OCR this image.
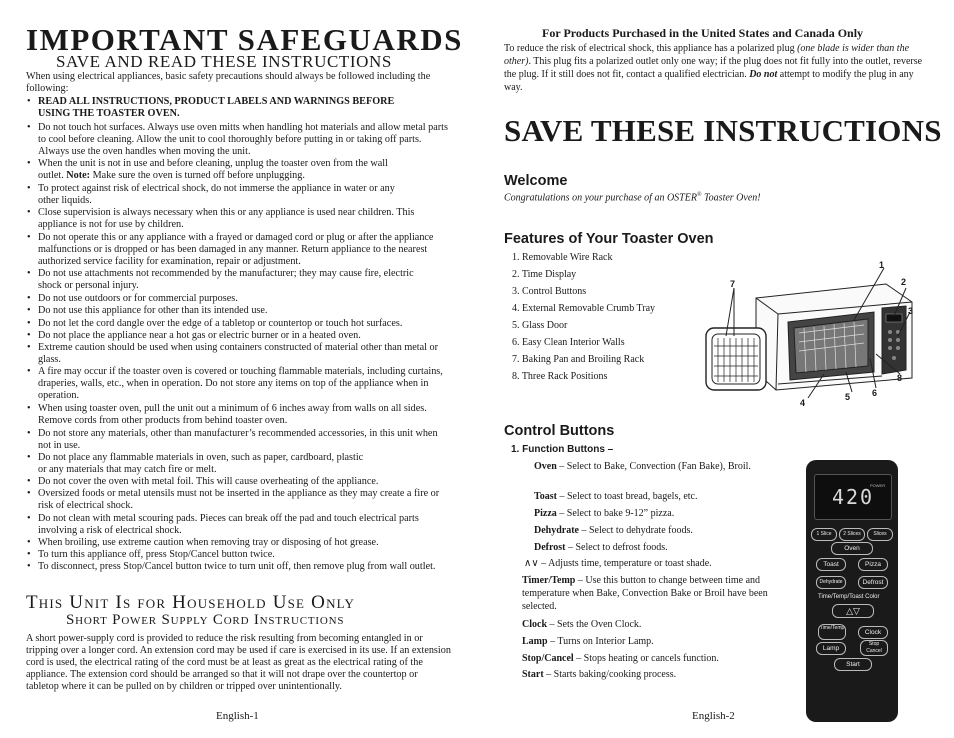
IMPORTANT SAFEGUARDS
SAVE AND READ THESE INSTRUCTIONS
When using electrical appliances, basic safety precautions should always be followed including the following:
• READ ALL INSTRUCTIONS, PRODUCT LABELS AND WARNINGS BEFORE USING THE TOASTER OVEN.
• Do not touch hot surfaces. Always use oven mitts when handling hot materials and allow metal parts to cool before cleaning. Allow the unit to cool thoroughly before putting in or taking off parts. Always use the oven handles when moving the unit.
• When the unit is not in use and before cleaning, unplug the toaster oven from the wall outlet. Note: Make sure the oven is turned off before unplugging.
• To protect against risk of electrical shock, do not immerse the appliance in water or any other liquids.
• Close supervision is always necessary when this or any appliance is used near children. This appliance is not for use by children.
• Do not operate this or any appliance with a frayed or damaged cord or plug or after the appliance malfunctions or is dropped or has been damaged in any manner. Return appliance to the nearest authorized service facility for examination, repair or adjustment.
• Do not use attachments not recommended by the manufacturer; they may cause fire, electric shock or personal injury.
• Do not use outdoors or for commercial purposes.
• Do not use this appliance for other than its intended use.
• Do not let the cord dangle over the edge of a tabletop or countertop or touch hot surfaces.
• Do not place the appliance near a hot gas or electric burner or in a heated oven.
• Extreme caution should be used when using containers constructed of material other than metal or glass.
• A fire may occur if the toaster oven is covered or touching flammable materials, including curtains, draperies, walls, etc., when in operation. Do not store any items on top of the appliance when in operation.
• When using toaster oven, pull the unit out a minimum of 6 inches away from walls on all sides. Remove cords from other products from behind toaster oven.
• Do not store any materials, other than manufacturer’s recommended accessories, in this unit when not in use.
• Do not place any flammable materials in oven, such as paper, cardboard, plastic or any materials that may catch fire or melt.
• Do not cover the oven with metal foil. This will cause overheating of the appliance.
• Oversized foods or metal utensils must not be inserted in the appliance as they may create a fire or risk of electrical shock.
• Do not clean with metal scouring pads. Pieces can break off the pad and touch electrical parts involving a risk of electrical shock.
• When broiling, use extreme caution when removing tray or disposing of hot grease.
• To turn this appliance off, press Stop/Cancel button twice.
• To disconnect, press Stop/Cancel button twice to turn unit off, then remove plug from wall outlet.
This Unit Is for Household Use Only
Short Power Supply Cord Instructions
A short power-supply cord is provided to reduce the risk resulting from becoming entangled in or tripping over a longer cord. An extension cord may be used if care is exercised in its use. If an extension cord is used, the electrical rating of the cord must be at least as great as the electrical rating of the appliance. The extension cord should be arranged so that it will not drape over the countertop or tabletop where it can be pulled on by children or tripped over unintentionally.
English-1
For Products Purchased in the United States and Canada Only
To reduce the risk of electrical shock, this appliance has a polarized plug (one blade is wider than the other). This plug fits a polarized outlet only one way; if the plug does not fit fully into the outlet, reverse the plug. If it still does not fit, contact a qualified electrician. Do not attempt to modify the plug in any way.
SAVE THESE INSTRUCTIONS
Welcome
Congratulations on your purchase of an OSTER® Toaster Oven!
Features of Your Toaster Oven
1. Removable Wire Rack
2. Time Display
3. Control Buttons
4. External Removable Crumb Tray
5. Glass Door
6. Easy Clean Interior Walls
7. Baking Pan and Broiling Rack
8. Three Rack Positions
1
2
3
4
5 6
7
8
Control Buttons
1. Function Buttons –
Oven – Select to Bake, Convection (Fan Bake), Broil.
Toast – Select to toast bread, bagels, etc.
Pizza – Select to bake 9-12” pizza.
Dehydrate – Select to dehydrate foods.
Defrost – Select to defrost foods.
∧∨ – Adjusts time, temperature or toast shade.
Timer/Temp – Use this button to change between time and temperature when Bake, Convection Bake or Broil have been selected.
Clock – Sets the Oven Clock.
Lamp – Turns on Interior Lamp.
Stop/Cancel – Stops heating or cancels function.
Start – Starts baking/cooking process.
420
POWER
1 Slice	2 Slices	Slices
Oven
Toast	Pizza
Dehydrate	Defrost
Time/Temp/Toast Color
△▽
Time/Temp
Clock
Lamp
Stop Cancel
Start
English-2
